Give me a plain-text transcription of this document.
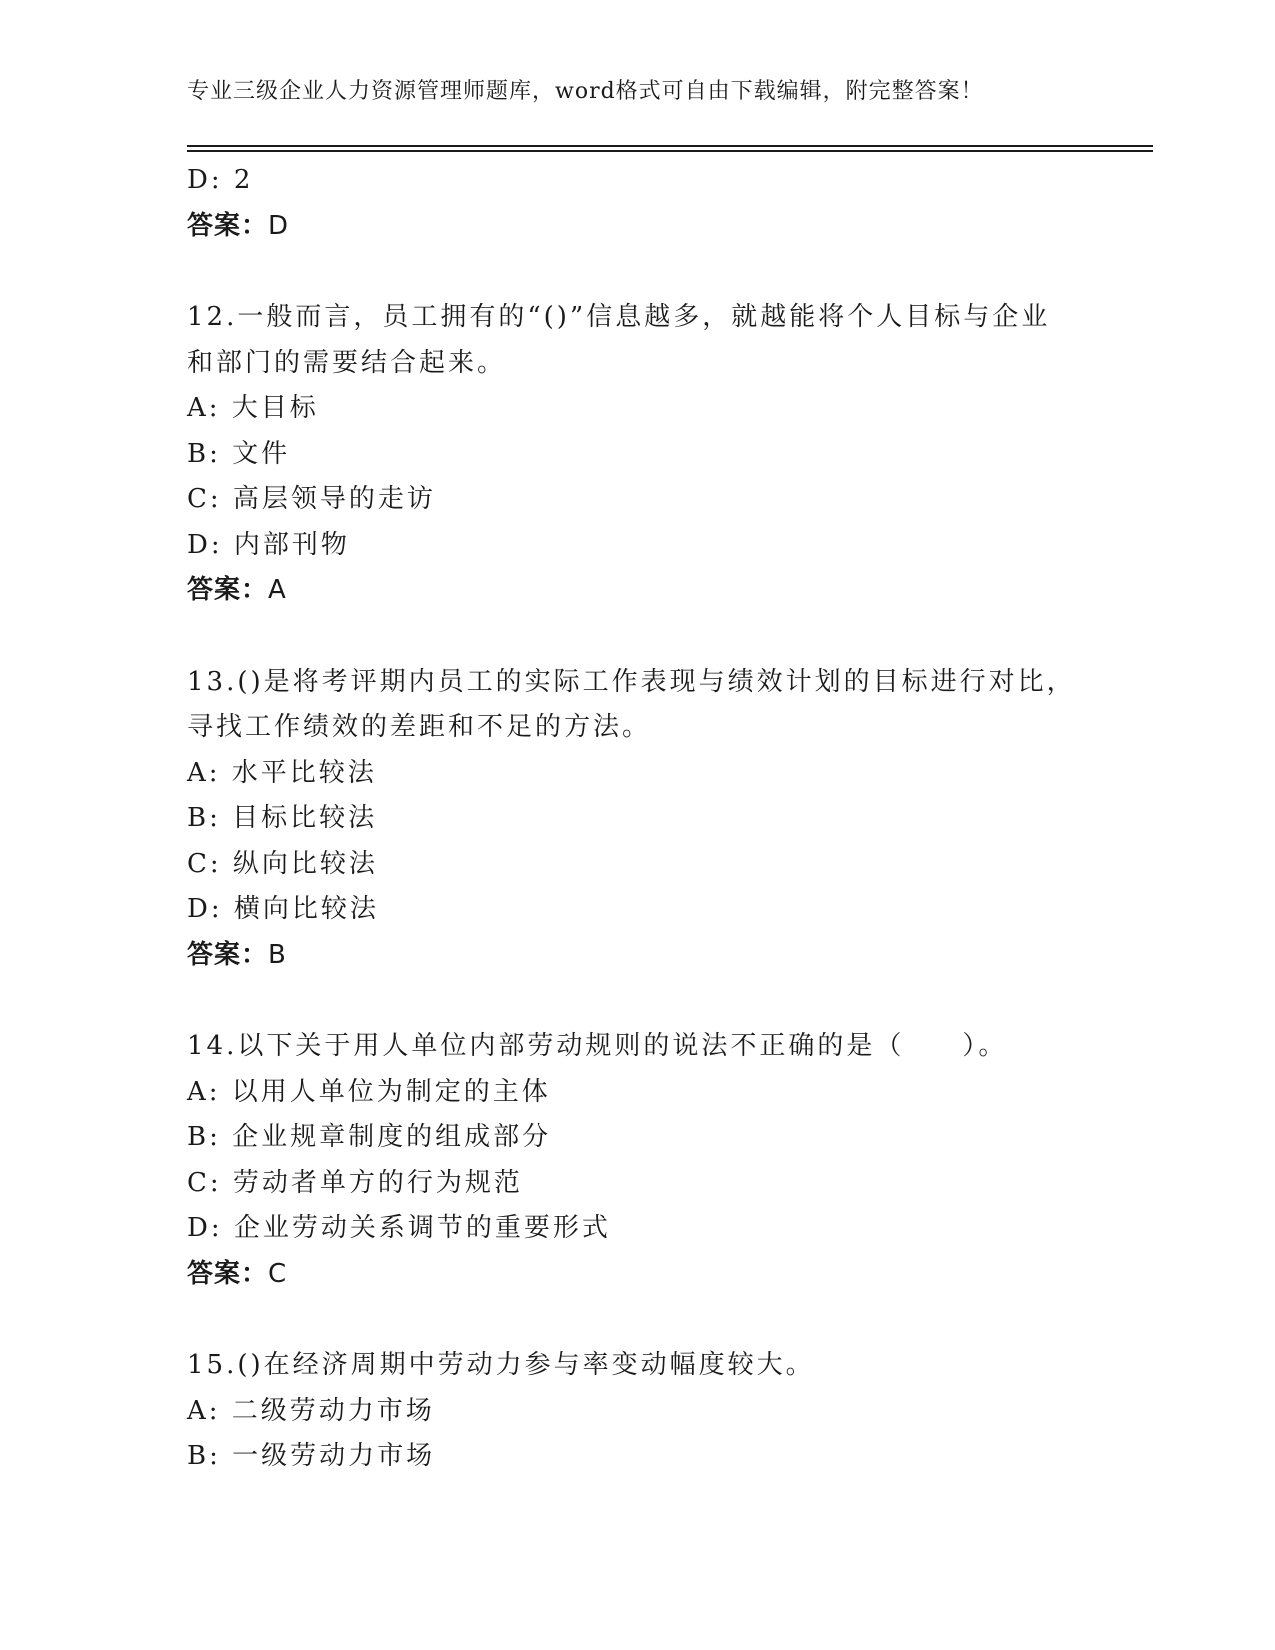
专业三级企业人力资源管理师题库，word格式可自由下载编辑，附完整答案！
D: 2
答案：D
12.一般而言，员工拥有的“()”信息越多，就越能将个人目标与企业
和部门的需要结合起来。
A: 大目标
B: 文件
C: 高层领导的走访
D: 内部刊物
答案：A
13.()是将考评期内员工的实际工作表现与绩效计划的目标进行对比，
寻找工作绩效的差距和不足的方法。
A: 水平比较法
B: 目标比较法
C: 纵向比较法
D: 横向比较法
答案：B
14.以下关于用人单位内部劳动规则的说法不正确的是（　　）。
A: 以用人单位为制定的主体
B: 企业规章制度的组成部分
C: 劳动者单方的行为规范
D: 企业劳动关系调节的重要形式
答案：C
15.()在经济周期中劳动力参与率变动幅度较大。
A: 二级劳动力市场
B: 一级劳动力市场
